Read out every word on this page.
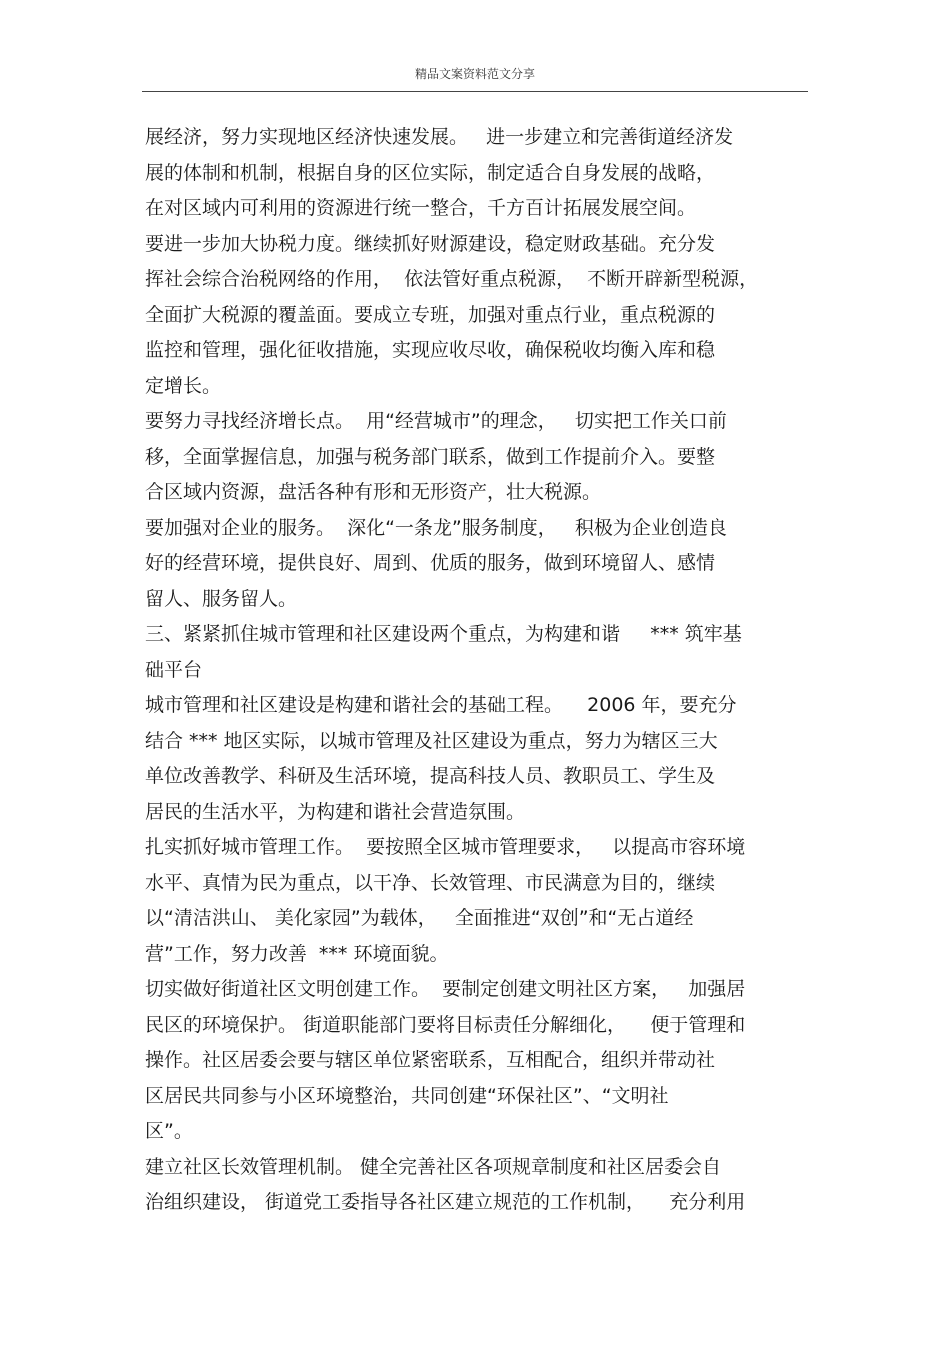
精品文案资料范文分享
展经济，努力实现地区经济快速发展。   进一步建立和完善街道经济发
展的体制和机制，根据自身的区位实际，制定适合自身发展的战略，
在对区域内可利用的资源进行统一整合，千方百计拓展发展空间。
要进一步加大协税力度。继续抓好财源建设，稳定财政基础。充分发
挥社会综合治税网络的作用，  依法管好重点税源，  不断开辟新型税源，
全面扩大税源的覆盖面。要成立专班，加强对重点行业，重点税源的
监控和管理，强化征收措施，实现应收尽收，确保税收均衡入库和稳
定增长。
要努力寻找经济增长点。  用“经营城市”的理念，   切实把工作关口前
移，全面掌握信息，加强与税务部门联系，做到工作提前介入。要整
合区域内资源，盘活各种有形和无形资产，壮大税源。
要加强对企业的服务。  深化“一条龙”服务制度，   积极为企业创造良
好的经营环境，提供良好、周到、优质的服务，做到环境留人、感情
留人、服务留人。
三、紧紧抓住城市管理和社区建设两个重点，为构建和谐     *** 筑牢基
础平台
城市管理和社区建设是构建和谐社会的基础工程。    2006 年，要充分
结合 *** 地区实际，以城市管理及社区建设为重点，努力为辖区三大
单位改善教学、科研及生活环境，提高科技人员、教职员工、学生及
居民的生活水平，为构建和谐社会营造氛围。
扎实抓好城市管理工作。  要按照全区城市管理要求，   以提高市容环境
水平、真情为民为重点，以干净、长效管理、市民满意为目的，继续
以“清洁洪山、 美化家园”为载体，   全面推进“双创”和“无占道经
营”工作，努力改善  *** 环境面貌。
切实做好街道社区文明创建工作。  要制定创建文明社区方案，   加强居
民区的环境保护。 街道职能部门要将目标责任分解细化，    便于管理和
操作。社区居委会要与辖区单位紧密联系，互相配合，组织并带动社
区居民共同参与小区环境整治，共同创建“环保社区”、“文明社
区”。
建立社区长效管理机制。 健全完善社区各项规章制度和社区居委会自
治组织建设， 街道党工委指导各社区建立规范的工作机制，    充分利用
